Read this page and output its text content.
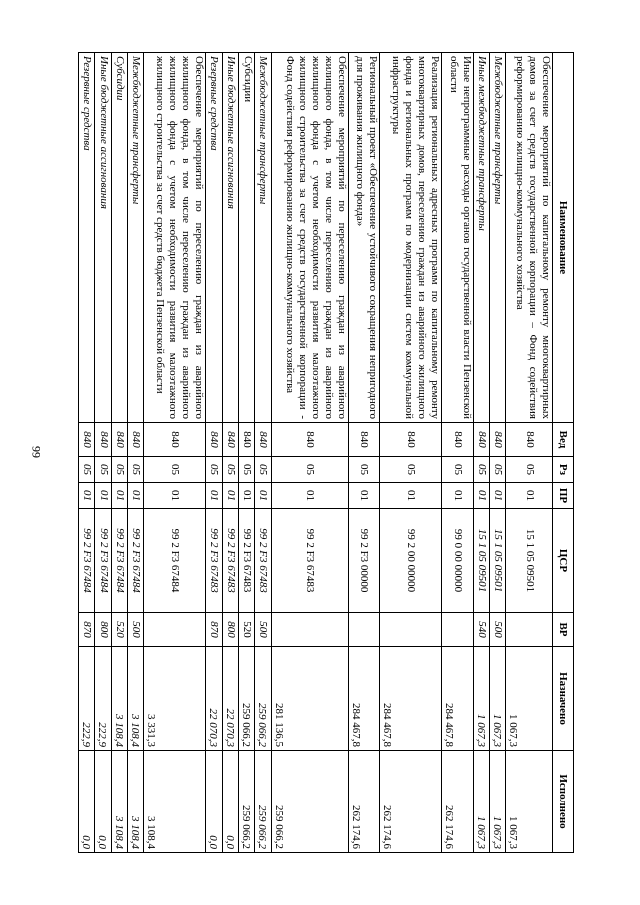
99
Наименование	Вед	Рз	ПР	ЦСР	ВР	Назначено	Исполнено
Обеспечение мероприятий по капитальному ремонту многоквартирных домов за счет средств государственной корпорации – Фонд содействия реформированию жилищно-коммунального хозяйства	840	05	01	15 1 05 09501		1 067,3	1 067,3
Межбюджетные трансферты	840	05	01	15 1 05 09501	500	1 067,3	1 067,3
Иные межбюджетные трансферты	840	05	01	15 1 05 09501	540	1 067,3	1 067,3
Иные непрограммные расходы органов государственной власти Пензенской области	840	05	01	99 0 00 00000		284 467,8	262 174,6
Реализация региональных адресных программ по капитальному ремонту многоквартирных домов, переселению граждан из аварийного жилищного фонда и региональных программ по модернизации систем коммунальной инфраструктуры	840	05	01	99 2 00 00000		284 467,8	262 174,6
Региональный проект «Обеспечение устойчивого сокращения непригодного для проживания жилищного фонда»	840	05	01	99 2 F3 00000		284 467,8	262 174,6
Обеспечение мероприятий по переселению граждан из аварийного жилищного фонда, в том числе переселению граждан из аварийного жилищного фонда с учетом необходимости развития малоэтажного жилищного строительства за счет средств государственной корпорации - Фонд содействия реформированию жилищно-коммунального хозяйства	840	05	01	99 2 F3 67483		281 136,5	259 066,2
Межбюджетные трансферты	840	05	01	99 2 F3 67483	500	259 066,2	259 066,2
Субсидии	840	05	01	99 2 F3 67483	520	259 066,2	259 066,2
Иные бюджетные ассигнования	840	05	01	99 2 F3 67483	800	22 070,3	0,0
Резервные средства	840	05	01	99 2 F3 67483	870	22 070,3	0,0
Обеспечение мероприятий по переселению граждан из аварийного жилищного фонда, в том числе переселению граждан из аварийного жилищного фонда с учетом необходимости развития малоэтажного жилищного строительства за счет средств бюджета Пензенской области	840	05	01	99 2 F3 67484		3 331,3	3 108,4
Межбюджетные трансферты	840	05	01	99 2 F3 67484	500	3 108,4	3 108,4
Субсидии	840	05	01	99 2 F3 67484	520	3 108,4	3 108,4
Иные бюджетные ассигнования	840	05	01	99 2 F3 67484	800	222,9	0,0
Резервные средства	840	05	01	99 2 F3 67484	870	222,9	0,0
